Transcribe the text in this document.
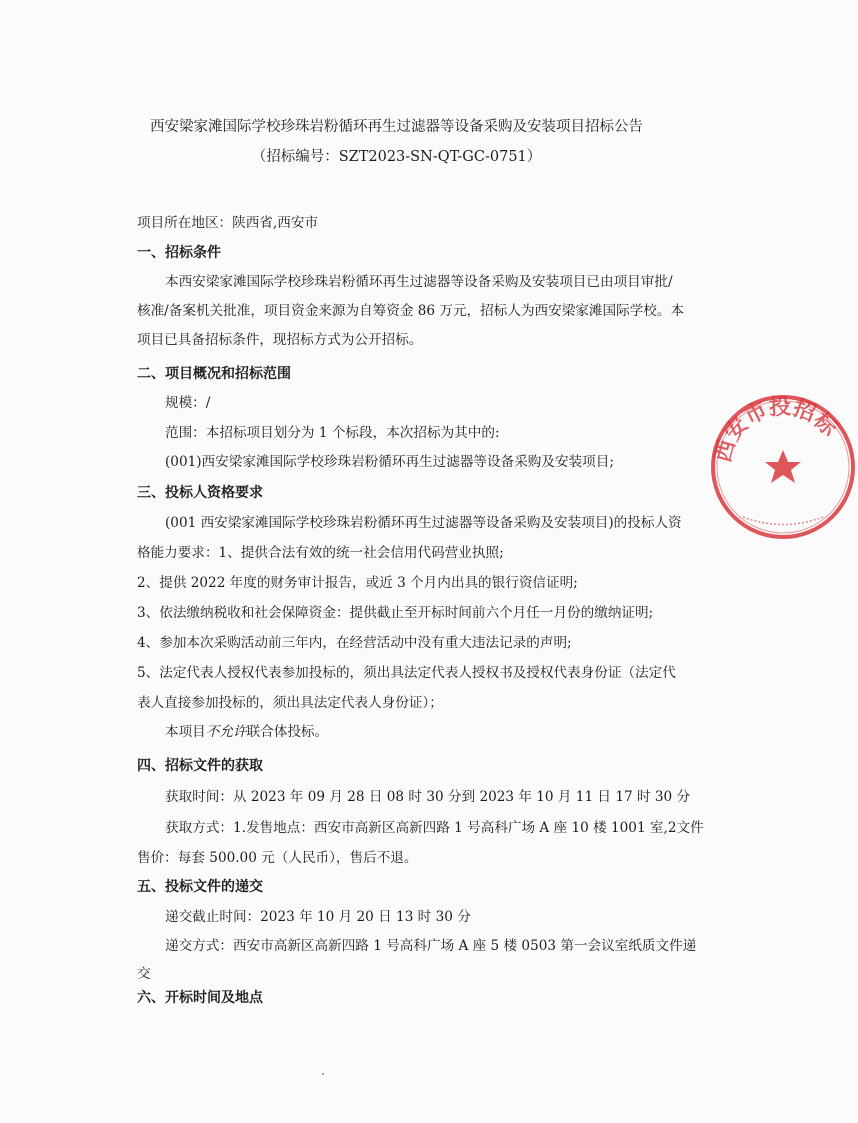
西安梁家滩国际学校珍珠岩粉循环再生过滤器等设备采购及安装项目招标公告
（招标编号：SZT2023-SN-QT-GC-0751）
项目所在地区：陕西省,西安市
一、招标条件
本西安梁家滩国际学校珍珠岩粉循环再生过滤器等设备采购及安装项目已由项目审批/
核准/备案机关批准，项目资金来源为自筹资金 86 万元，招标人为西安梁家滩国际学校。本
项目已具备招标条件，现招标方式为公开招标。
二、项目概况和招标范围
规模：/
范围：本招标项目划分为 1 个标段，本次招标为其中的:
(001)西安梁家滩国际学校珍珠岩粉循环再生过滤器等设备采购及安装项目;
三、投标人资格要求
(001 西安梁家滩国际学校珍珠岩粉循环再生过滤器等设备采购及安装项目)的投标人资
格能力要求：1、提供合法有效的统一社会信用代码营业执照;
2、提供 2022 年度的财务审计报告，或近 3 个月内出具的银行资信证明;
3、依法缴纳税收和社会保障资金：提供截止至开标时间前六个月任一月份的缴纳证明;
4、参加本次采购活动前三年内，在经营活动中没有重大违法记录的声明;
5、法定代表人授权代表参加投标的，须出具法定代表人授权书及授权代表身份证（法定代
表人直接参加投标的，须出具法定代表人身份证）；
本项目不允许联合体投标。
四、招标文件的获取
获取时间：从 2023 年 09 月 28 日 08 时 30 分到 2023 年 10 月 11 日 17 时 30 分
获取方式：1.发售地点：西安市高新区高新四路 1 号高科广场 A 座 10 楼 1001 室,2文件
售价：每套 500.00 元（人民币），售后不退。
五、投标文件的递交
递交截止时间：2023 年 10 月 20 日 13 时 30 分
递交方式：西安市高新区高新四路 1 号高科广场 A 座 5 楼 0503 第一会议室纸质文件递
交
六、开标时间及地点
西安市投招标
